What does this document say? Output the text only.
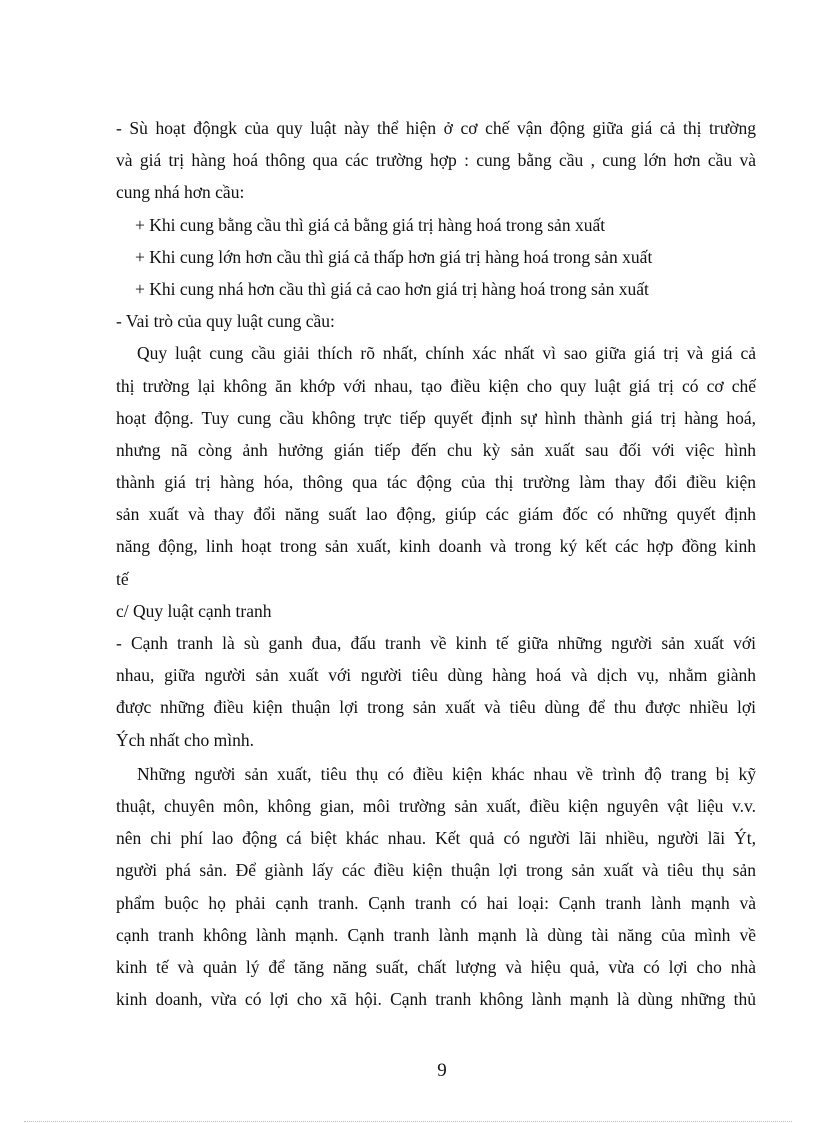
- Sù hoạt độngk của quy luật này thể hiện ở cơ chế vận động giữa giá cả thị trường
và giá trị hàng hoá thông qua các trường hợp : cung bằng cầu , cung lớn hơn cầu và
cung nhá hơn cầu:
+ Khi cung bằng cầu thì giá cả bằng giá trị hàng hoá trong sản xuất
+ Khi cung lớn hơn cầu thì giá cả thấp hơn giá trị hàng hoá trong sản xuất
+ Khi cung nhá hơn cầu thì giá cả cao hơn giá trị hàng hoá trong sản xuất
- Vai trò của quy luật cung cầu:
Quy luật cung cầu giải thích rõ nhất, chính xác nhất vì sao giữa giá trị và giá cả
thị trường lại không ăn khớp với nhau, tạo điều kiện cho quy luật giá trị có cơ chế
hoạt động. Tuy cung cầu không trực tiếp quyết định sự hình thành giá trị hàng hoá,
nhưng nã còng ảnh hưởng gián tiếp đến chu kỳ sản xuất sau đối với việc hình
thành giá trị hàng hóa, thông qua tác động của thị trường làm thay đổi điều kiện
sản xuất và thay đổi năng suất lao động, giúp các giám đốc có những quyết định
năng động, linh hoạt trong sản xuất, kinh doanh và trong ký kết các hợp đồng kinh
tế
c/ Quy luật cạnh tranh
- Cạnh tranh là sù ganh đua, đấu tranh về kinh tế giữa những người sản xuất với
nhau, giữa người sản xuất với người tiêu dùng hàng hoá và dịch vụ, nhằm giành
được những điều kiện thuận lợi trong sản xuất và tiêu dùng để thu được nhiều lợi
Ých nhất cho mình.
Những người sản xuất, tiêu thụ có điều kiện khác nhau về trình độ trang bị kỹ
thuật, chuyên môn, không gian, môi trường sản xuất, điều kiện nguyên vật liệu v.v.
nên chi phí lao động cá biệt khác nhau. Kết quả có người lãi nhiều, người lãi Ýt,
người phá sản. Để giành lấy các điều kiện thuận lợi trong sản xuất và tiêu thụ sản
phẩm buộc họ phải cạnh tranh. Cạnh tranh có hai loại: Cạnh tranh lành mạnh và
cạnh tranh không lành mạnh. Cạnh tranh lành mạnh là dùng tài năng của mình về
kinh tế và quản lý để tăng năng suất, chất lượng và hiệu quả, vừa có lợi cho nhà
kinh doanh, vừa có lợi cho xã hội. Cạnh tranh không lành mạnh là dùng những thủ
9
